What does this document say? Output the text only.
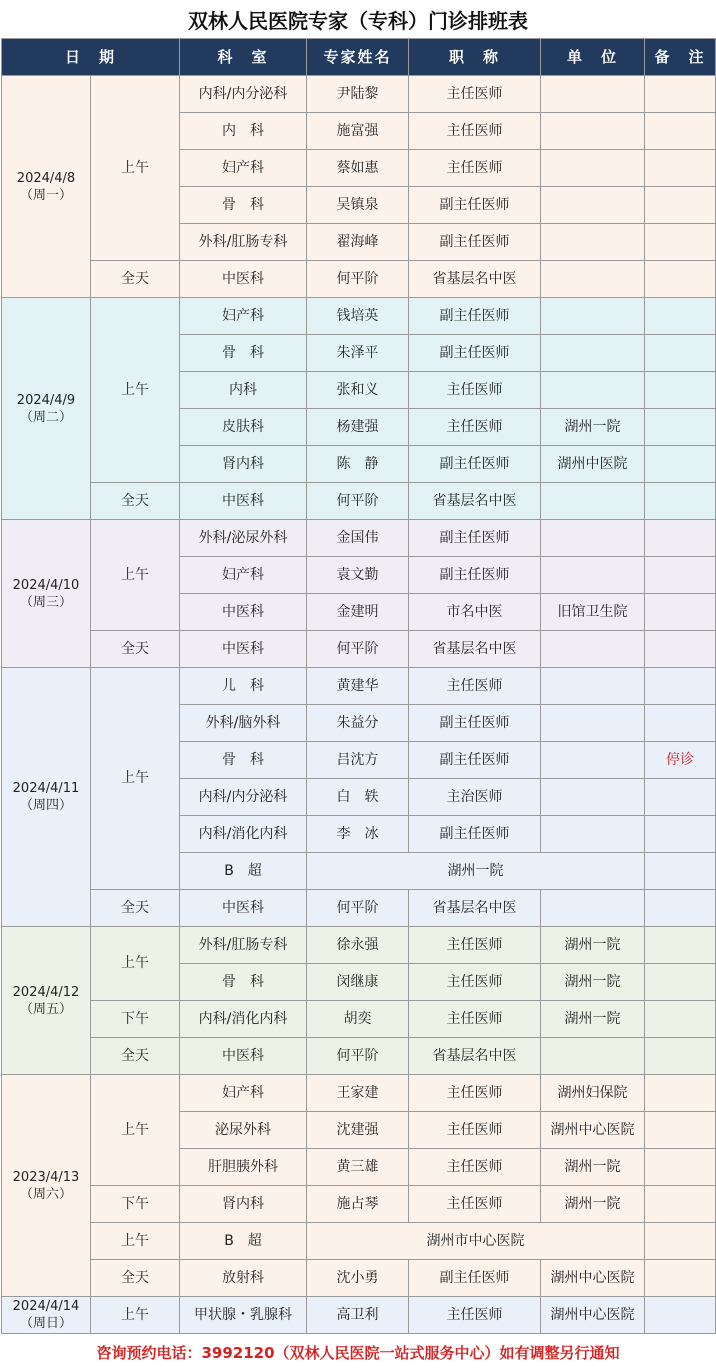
双林人民医院专家（专科）门诊排班表
日　期		科　室	专家姓名	职　称	单　位	备　注
2024/4/8
（周一）	上午	内科/内分泌科	尹陆黎	主任医师		
		内　科	施富强	主任医师		
		妇产科	蔡如惠	主任医师		
		骨　科	吴镇泉	副主任医师		
		外科/肛肠专科	翟海峰	副主任医师		
	全天	中医科	何平阶	省基层名中医		
2024/4/9
（周二）	上午	妇产科	钱培英	副主任医师		
		骨　科	朱泽平	副主任医师		
		内科	张和义	主任医师		
		皮肤科	杨建强	主任医师	湖州一院	
		肾内科	陈　静	副主任医师	湖州中医院	
	全天	中医科	何平阶	省基层名中医		
2024/4/10
（周三）	上午	外科/泌尿外科	金国伟	副主任医师		
		妇产科	袁文勤	副主任医师		
		中医科	金建明	市名中医	旧馆卫生院	
	全天	中医科	何平阶	省基层名中医		
2024/4/11
（周四）	上午	儿　科	黄建华	主任医师		
		外科/脑外科	朱益分	副主任医师		
		骨　科	吕沈方	副主任医师		停诊
		内科/内分泌科	白　轶	主治医师		
		内科/消化内科	李　冰	副主任医师		
		B　超	湖州一院			
	全天	中医科	何平阶	省基层名中医		
2024/4/12
（周五）	上午	外科/肛肠专科	徐永强	主任医师	湖州一院	
		骨　科	闵继康	主任医师	湖州一院	
	下午	内科/消化内科	胡奕	主任医师	湖州一院	
	全天	中医科	何平阶	省基层名中医		
2023/4/13
（周六）	上午	妇产科	王家建	主任医师	湖州妇保院	
		泌尿外科	沈建强	主任医师	湖州中心医院	
		肝胆胰外科	黄三雄	主任医师	湖州一院	
	下午	肾内科	施占琴	主任医师	湖州一院	
	上午	B　超	湖州市中心医院			
	全天	放射科	沈小勇	副主任医师	湖州中心医院	
2024/4/14
（周日）	上午	甲状腺・乳腺科	高卫利	主任医师	湖州中心医院	
咨询预约电话：3992120（双林人民医院一站式服务中心）如有调整另行通知
